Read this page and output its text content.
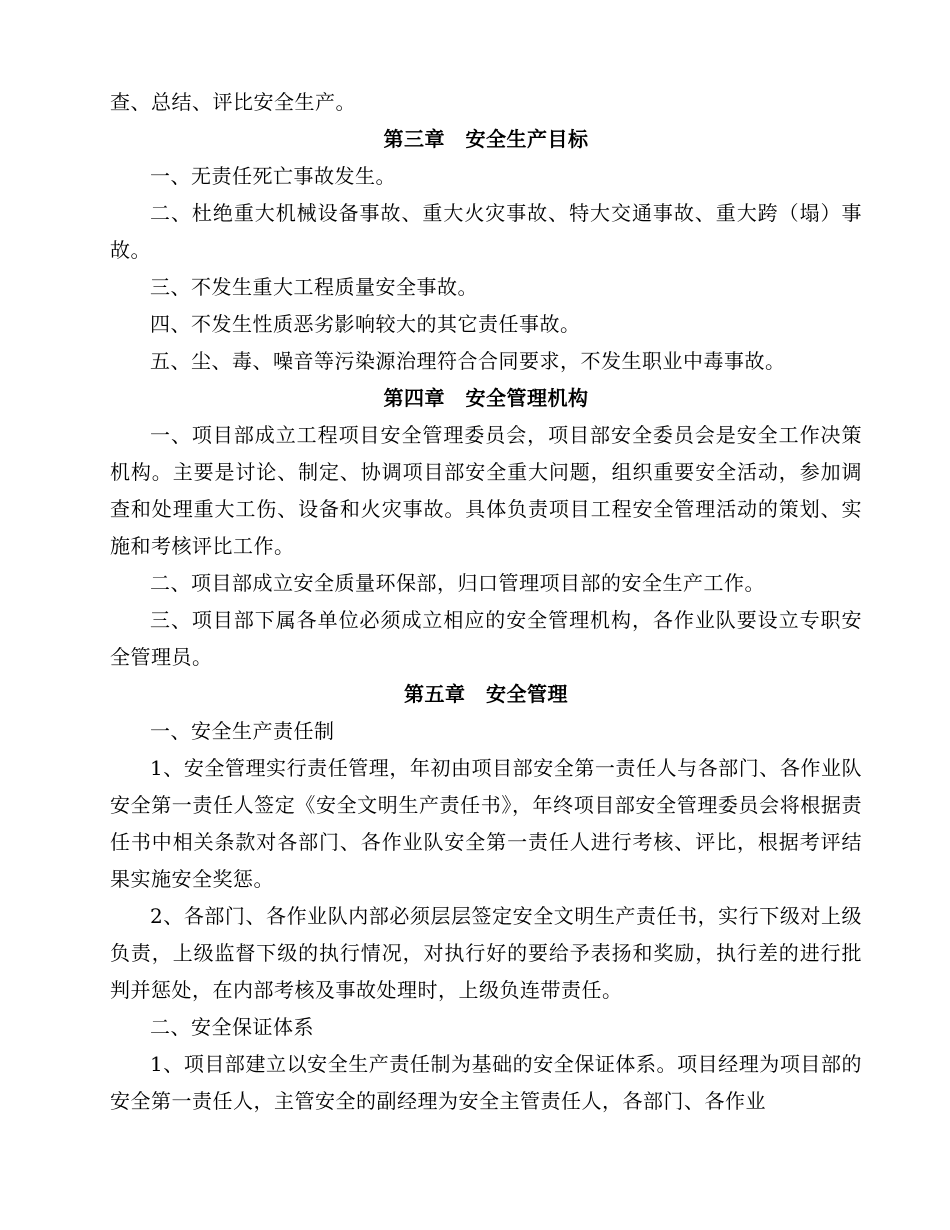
查、总结、评比安全生产。

第三章　安全生产目标

一、无责任死亡事故发生。

二、杜绝重大机械设备事故、重大火灾事故、特大交通事故、重大跨（塌）事故。

三、不发生重大工程质量安全事故。

四、不发生性质恶劣影响较大的其它责任事故。

五、尘、毒、噪音等污染源治理符合合同要求，不发生职业中毒事故。

第四章　安全管理机构

一、项目部成立工程项目安全管理委员会，项目部安全委员会是安全工作决策机构。主要是讨论、制定、协调项目部安全重大问题，组织重要安全活动，参加调查和处理重大工伤、设备和火灾事故。具体负责项目工程安全管理活动的策划、实施和考核评比工作。

二、项目部成立安全质量环保部，归口管理项目部的安全生产工作。

三、项目部下属各单位必须成立相应的安全管理机构，各作业队要设立专职安全管理员。

第五章　安全管理

一、安全生产责任制

1、安全管理实行责任管理，年初由项目部安全第一责任人与各部门、各作业队安全第一责任人签定《安全文明生产责任书》，年终项目部安全管理委员会将根据责任书中相关条款对各部门、各作业队安全第一责任人进行考核、评比，根据考评结果实施安全奖惩。

2、各部门、各作业队内部必须层层签定安全文明生产责任书，实行下级对上级负责，上级监督下级的执行情况，对执行好的要给予表扬和奖励，执行差的进行批判并惩处，在内部考核及事故处理时，上级负连带责任。

二、安全保证体系

1、项目部建立以安全生产责任制为基础的安全保证体系。项目经理为项目部的安全第一责任人，主管安全的副经理为安全主管责任人，各部门、各作业
